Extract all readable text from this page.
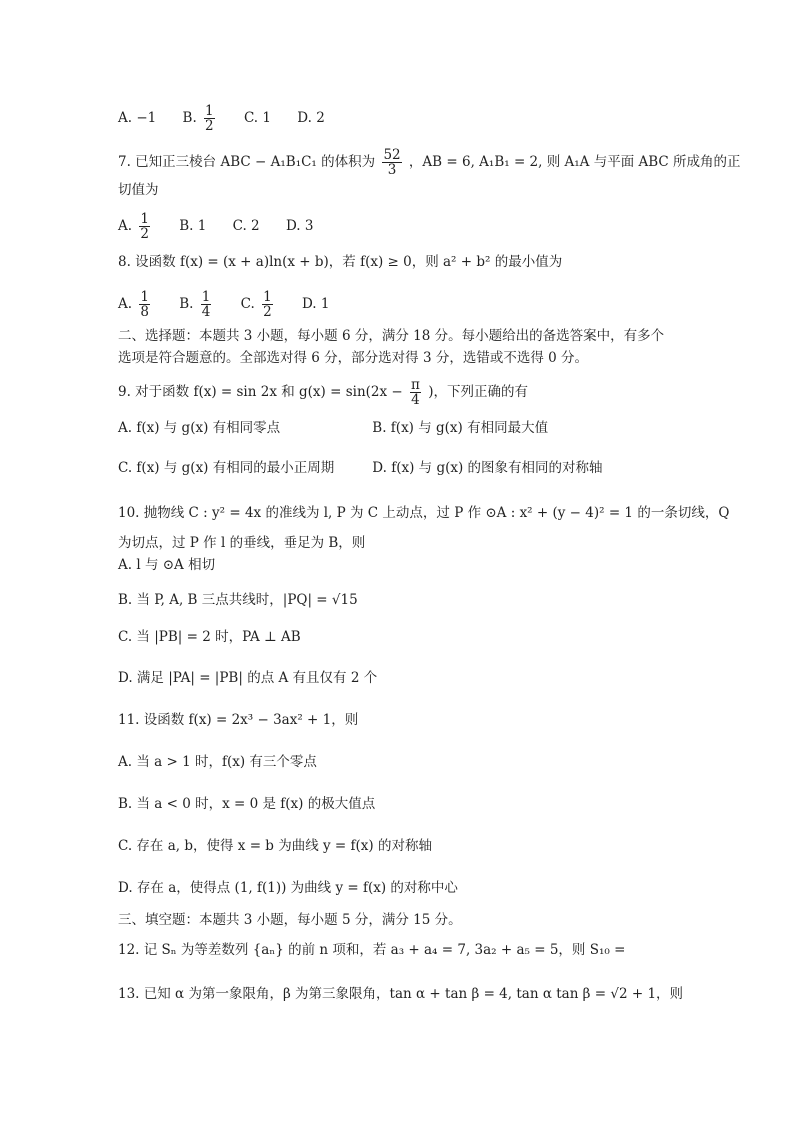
A. −1 B. $\frac{1}{2} C$. 1 D. 2
7. 已知正三棱台 ABC − A₁B₁C₁ 的体积为 $\frac{52}{3}$ ，AB = 6, A₁B₁ = 2, 则 A₁A 与平面 ABC 所成角的正
切值为
A. $\frac{1}{2} B$. 1 C. 2 D. 3
8. 设函数 f(x) = (x + a)ln(x + b)，若 f(x) ≥ 0，则 a² + b² 的最小值为
A. $\frac{1}{8} B$. $\frac{1}{4} C$. $\frac{1}{2} D$. 1
二、选择题：本题共 3 小题，每小题 6 分，满分 18 分。每小题给出的备选答案中，有多个
选项是符合题意的。全部选对得 6 分，部分选对得 3 分，选错或不选得 0 分。
9. 对于函数 f(x) = sin 2x 和 $g(x) = \sin(2x - \frac{\pi}{4}$ )，下列正确的有
A. f(x) 与 g(x) 有相同零点	B. f(x) 与 g(x) 有相同最大值
C. f(x) 与 g(x) 有相同的最小正周期	D. f(x) 与 g(x) 的图象有相同的对称轴
10. 抛物线 C : y² = 4x 的准线为 l, P 为 C 上动点，过 P 作 ⊙A : x² + (y − 4)² = 1 的一条切线，Q
为切点，过 P 作 l 的垂线，垂足为 B，则
A. l 与 ⊙A 相切
B. 当 P, A, B 三点共线时，|PQ| = √15
C. 当 |PB| = 2 时，PA ⊥ AB
D. 满足 |PA| = |PB| 的点 A 有且仅有 2 个
11. 设函数 f(x) = 2x³ − 3ax² + 1，则
A. 当 a > 1 时，f(x) 有三个零点
B. 当 a < 0 时，x = 0 是 f(x) 的极大值点
C. 存在 a, b，使得 x = b 为曲线 y = f(x) 的对称轴
D. 存在 a，使得点 (1, f(1)) 为曲线 y = f(x) 的对称中心
三、填空题：本题共 3 小题，每小题 5 分，满分 15 分。
12. 记 Sₙ 为等差数列 {aₙ} 的前 n 项和，若 a₃ + a₄ = 7, 3a₂ + a₅ = 5，则 S₁₀ =
13. 已知 α 为第一象限角，β 为第三象限角，tan α + tan β = 4, tan α tan β = √2 + 1，则
